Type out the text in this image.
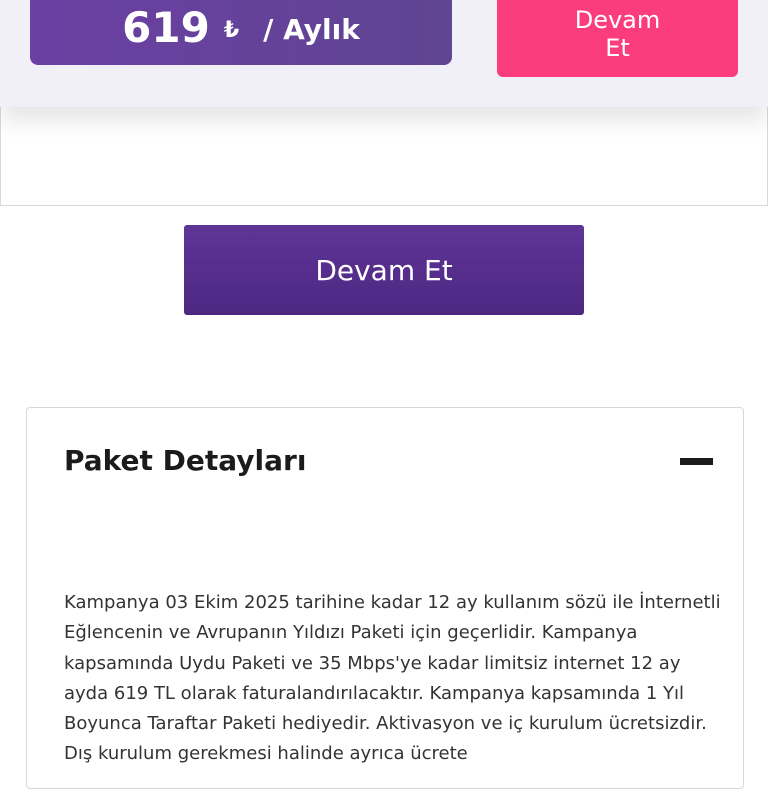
619 ₺ / Aylık	Devam Et
Devam Et
Paket Detayları
Kampanya 03 Ekim 2025 tarihine kadar 12 ay kullanım sözü ile İnternetli Eğlencenin ve Avrupanın Yıldızı Paketi için geçerlidir. Kampanya kapsamında Uydu Paketi ve 35 Mbps'ye kadar limitsiz internet 12 ay ayda 619 TL olarak faturalandırılacaktır. Kampanya kapsamında 1 Yıl Boyunca Taraftar Paketi hediyedir. Aktivasyon ve iç kurulum ücretsizdir. Dış kurulum gerekmesi halinde ayrıca ücrete
